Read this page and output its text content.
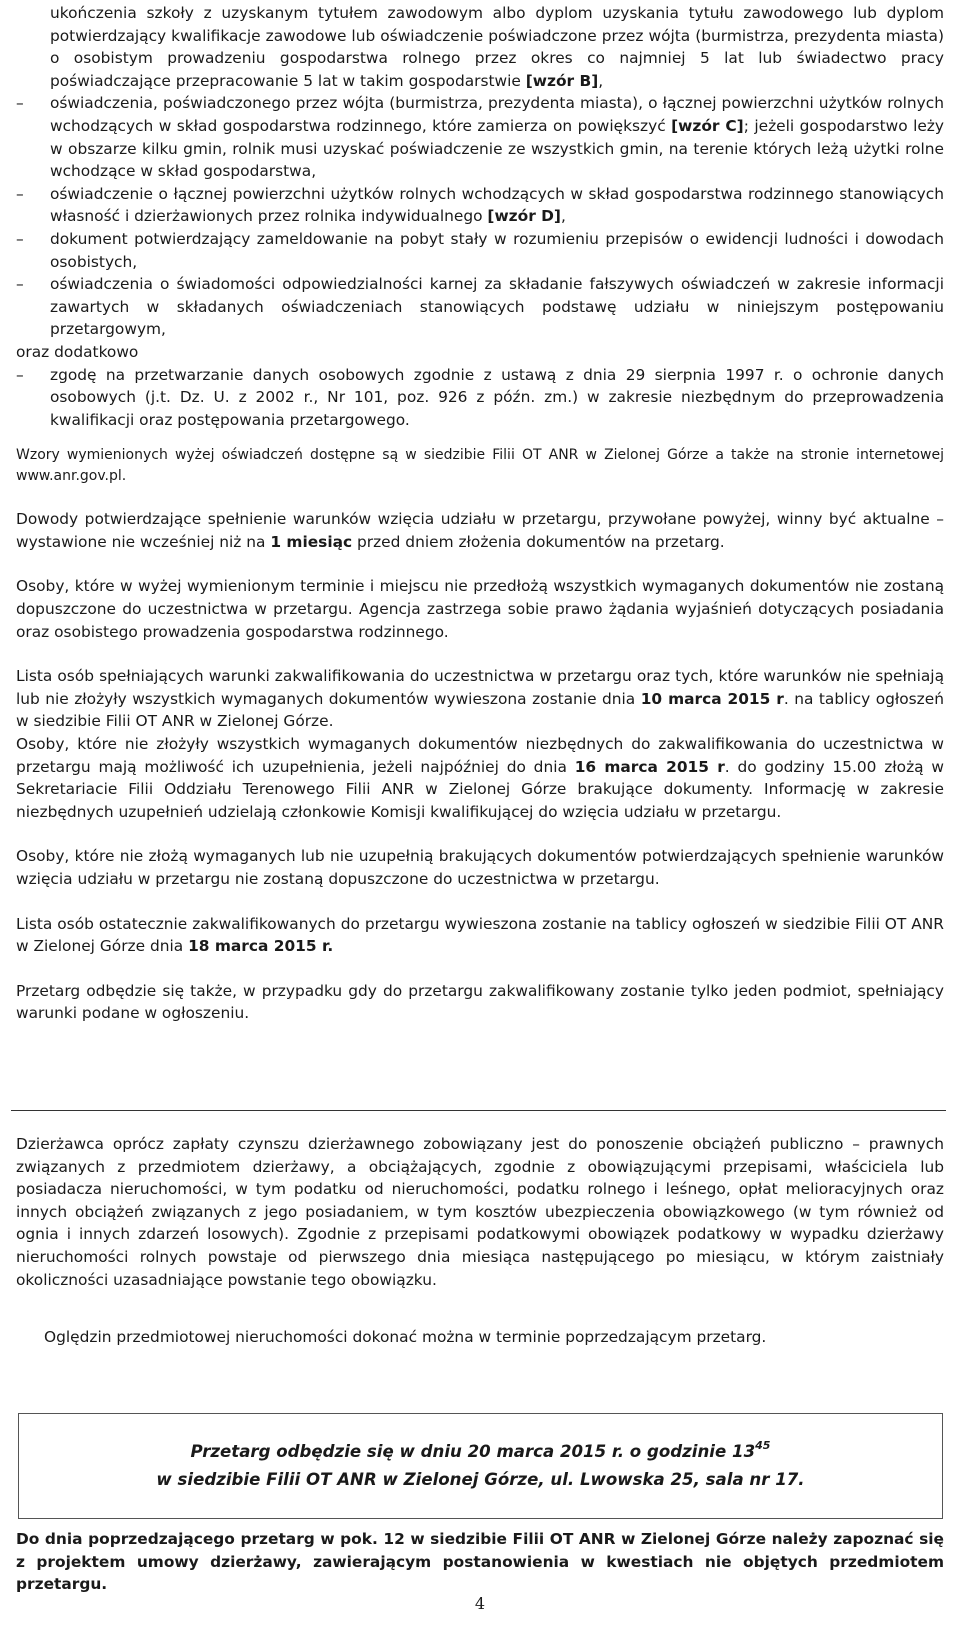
ukończenia szkoły z uzyskanym tytułem zawodowym albo dyplom uzyskania tytułu zawodowego lub dyplom potwierdzający kwalifikacje zawodowe lub oświadczenie poświadczone przez wójta (burmistrza, prezydenta miasta) o osobistym prowadzeniu gospodarstwa rolnego przez okres co najmniej 5 lat lub świadectwo pracy poświadczające przepracowanie 5 lat w takim gospodarstwie [wzór B],

– oświadczenia, poświadczonego przez wójta (burmistrza, prezydenta miasta), o łącznej powierzchni użytków rolnych wchodzących w skład gospodarstwa rodzinnego, które zamierza on powiększyć [wzór C]; jeżeli gospodarstwo leży w obszarze kilku gmin, rolnik musi uzyskać poświadczenie ze wszystkich gmin, na terenie których leżą użytki rolne wchodzące w skład gospodarstwa,

– oświadczenie o łącznej powierzchni użytków rolnych wchodzących w skład gospodarstwa rodzinnego stanowiących własność i dzierżawionych przez rolnika indywidualnego [wzór D],

– dokument potwierdzający zameldowanie na pobyt stały w rozumieniu przepisów o ewidencji ludności i dowodach osobistych,

– oświadczenia o świadomości odpowiedzialności karnej za składanie fałszywych oświadczeń w zakresie informacji zawartych w składanych oświadczeniach stanowiących podstawę udziału w niniejszym postępowaniu przetargowym,

oraz dodatkowo

– zgodę na przetwarzanie danych osobowych zgodnie z ustawą z dnia 29 sierpnia 1997 r. o ochronie danych osobowych (j.t. Dz. U. z 2002 r., Nr 101, poz. 926 z późn. zm.) w zakresie niezbędnym do przeprowadzenia kwalifikacji oraz postępowania przetargowego.

Wzory wymienionych wyżej oświadczeń dostępne są w siedzibie Filii OT ANR w Zielonej Górze a także na stronie internetowej www.anr.gov.pl.

Dowody potwierdzające spełnienie warunków wzięcia udziału w przetargu, przywołane powyżej, winny być aktualne – wystawione nie wcześniej niż na 1 miesiąc przed dniem złożenia dokumentów na przetarg.

Osoby, które w wyżej wymienionym terminie i miejscu nie przedłożą wszystkich wymaganych dokumentów nie zostaną dopuszczone do uczestnictwa w przetargu. Agencja zastrzega sobie prawo żądania wyjaśnień dotyczących posiadania oraz osobistego prowadzenia gospodarstwa rodzinnego.

Lista osób spełniających warunki zakwalifikowania do uczestnictwa w przetargu oraz tych, które warunków nie spełniają lub nie złożyły wszystkich wymaganych dokumentów wywieszona zostanie dnia 10 marca 2015 r. na tablicy ogłoszeń w siedzibie Filii OT ANR w Zielonej Górze.

Osoby, które nie złożyły wszystkich wymaganych dokumentów niezbędnych do zakwalifikowania do uczestnictwa w przetargu mają możliwość ich uzupełnienia, jeżeli najpóźniej do dnia 16 marca 2015 r. do godziny 15.00 złożą w Sekretariacie Filii Oddziału Terenowego Filii ANR w Zielonej Górze brakujące dokumenty. Informację w zakresie niezbędnych uzupełnień udzielają członkowie Komisji kwalifikującej do wzięcia udziału w przetargu.

Osoby, które nie złożą wymaganych lub nie uzupełnią brakujących dokumentów potwierdzających spełnienie warunków wzięcia udziału w przetargu nie zostaną dopuszczone do uczestnictwa w przetargu.

Lista osób ostatecznie zakwalifikowanych do przetargu wywieszona zostanie na tablicy ogłoszeń w siedzibie Filii OT ANR w Zielonej Górze dnia 18 marca 2015 r.

Przetarg odbędzie się także, w przypadku gdy do przetargu zakwalifikowany zostanie tylko jeden podmiot, spełniający warunki podane w ogłoszeniu.

Dzierżawca oprócz zapłaty czynszu dzierżawnego zobowiązany jest do ponoszenie obciążeń publiczno – prawnych związanych z przedmiotem dzierżawy, a obciążających, zgodnie z obowiązującymi przepisami, właściciela lub posiadacza nieruchomości, w tym podatku od nieruchomości, podatku rolnego i leśnego, opłat melioracyjnych oraz innych obciążeń związanych z jego posiadaniem, w tym kosztów ubezpieczenia obowiązkowego (w tym również od ognia i innych zdarzeń losowych). Zgodnie z przepisami podatkowymi obowiązek podatkowy w wypadku dzierżawy nieruchomości rolnych powstaje od pierwszego dnia miesiąca następującego po miesiącu, w którym zaistniały okoliczności uzasadniające powstanie tego obowiązku.

Oględzin przedmiotowej nieruchomości dokonać można w terminie poprzedzającym przetarg.

Przetarg odbędzie się w dniu 20 marca 2015 r. o godzinie $13^{45}$
w siedzibie Filii OT ANR w Zielonej Górze, ul. Lwowska 25, sala nr 17.

Do dnia poprzedzającego przetarg w pok. 12 w siedzibie Filii OT ANR w Zielonej Górze należy zapoznać się z projektem umowy dzierżawy, zawierającym postanowienia w kwestiach nie objętych przedmiotem przetargu.

4
